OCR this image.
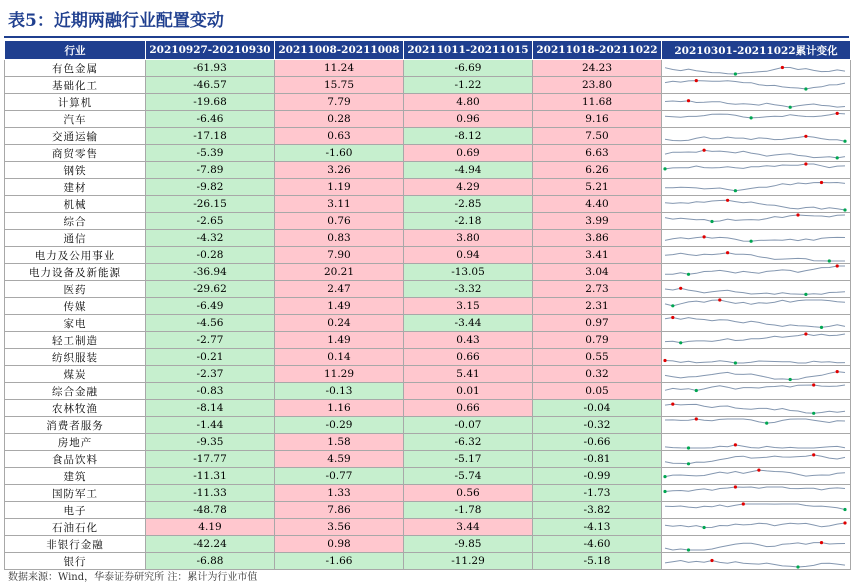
表5：近期两融行业配置变动
行业	20210927-20210930	20211008-20211008	20211011-20211015	20211018-20211022	20210301-20211022累计变化
有色金属	-61.93	11.24	-6.69	24.23	

基础化工	-46.57	15.75	-1.22	23.80	

计算机	-19.68	7.79	4.80	11.68	

汽车	-6.46	0.28	0.96	9.16	

交通运输	-17.18	0.63	-8.12	7.50	

商贸零售	-5.39	-1.60	0.69	6.63	

钢铁	-7.89	3.26	-4.94	6.26	

建材	-9.82	1.19	4.29	5.21	

机械	-26.15	3.11	-2.85	4.40	

综合	-2.65	0.76	-2.18	3.99	

通信	-4.32	0.83	3.80	3.86	

电力及公用事业	-0.28	7.90	0.94	3.41	

电力设备及新能源	-36.94	20.21	-13.05	3.04	

医药	-29.62	2.47	-3.32	2.73	

传媒	-6.49	1.49	3.15	2.31	

家电	-4.56	0.24	-3.44	0.97	

轻工制造	-2.77	1.49	0.43	0.79	

纺织服装	-0.21	0.14	0.66	0.55	

煤炭	-2.37	11.29	5.41	0.32	

综合金融	-0.83	-0.13	0.01	0.05	

农林牧渔	-8.14	1.16	0.66	-0.04	

消费者服务	-1.44	-0.29	-0.07	-0.32	

房地产	-9.35	1.58	-6.32	-0.66	

食品饮料	-17.77	4.59	-5.17	-0.81	

建筑	-11.31	-0.77	-5.74	-0.99	

国防军工	-11.33	1.33	0.56	-1.73	

电子	-48.78	7.86	-1.78	-3.82	

石油石化	4.19	3.56	3.44	-4.13	

非银行金融	-42.24	0.98	-9.85	-4.60	

银行	-6.88	-1.66	-11.29	-5.18	
数据来源：Wind，华泰证券研究所 注：累计为行业市值
